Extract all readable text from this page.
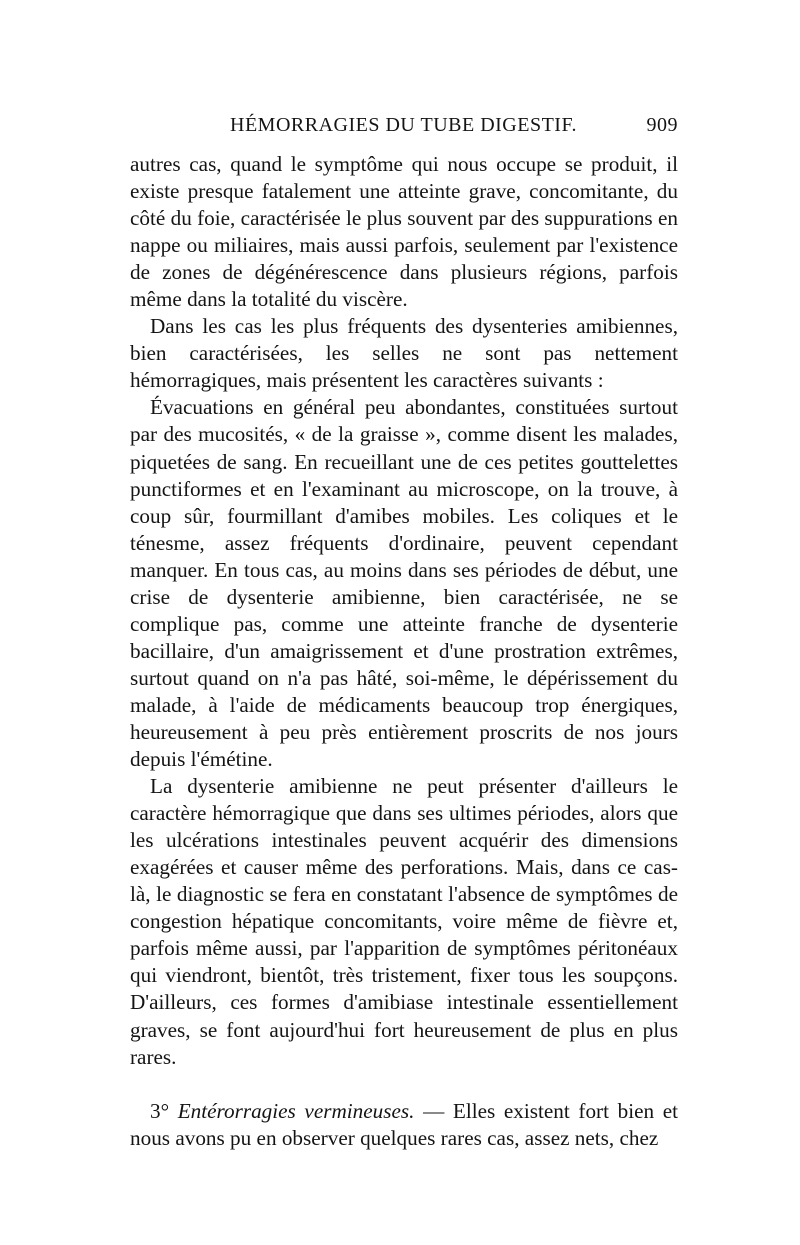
HÉMORRAGIES DU TUBE DIGESTIF.	909

autres cas, quand le symptôme qui nous occupe se produit, il existe presque fatalement une atteinte grave, concomitante, du côté du foie, caractérisée le plus souvent par des suppurations en nappe ou miliaires, mais aussi parfois, seulement par l'existence de zones de dégénérescence dans plusieurs régions, parfois même dans la totalité du viscère.

Dans les cas les plus fréquents des dysenteries amibiennes, bien caractérisées, les selles ne sont pas nettement hémorragiques, mais présentent les caractères suivants :

Évacuations en général peu abondantes, constituées surtout par des mucosités, « de la graisse », comme disent les malades, piquetées de sang. En recueillant une de ces petites gouttelettes punctiformes et en l'examinant au microscope, on la trouve, à coup sûr, fourmillant d'amibes mobiles. Les coliques et le ténesme, assez fréquents d'ordinaire, peuvent cependant manquer. En tous cas, au moins dans ses périodes de début, une crise de dysenterie amibienne, bien caractérisée, ne se complique pas, comme une atteinte franche de dysenterie bacillaire, d'un amaigrissement et d'une prostration extrêmes, surtout quand on n'a pas hâté, soi-même, le dépérissement du malade, à l'aide de médicaments beaucoup trop énergiques, heureusement à peu près entièrement proscrits de nos jours depuis l'émétine.

La dysenterie amibienne ne peut présenter d'ailleurs le caractère hémorragique que dans ses ultimes périodes, alors que les ulcérations intestinales peuvent acquérir des dimensions exagérées et causer même des perforations. Mais, dans ce cas-là, le diagnostic se fera en constatant l'absence de symptômes de congestion hépatique concomitants, voire même de fièvre et, parfois même aussi, par l'apparition de symptômes péritonéaux qui viendront, bientôt, très tristement, fixer tous les soupçons. D'ailleurs, ces formes d'amibiase intestinale essentiellement graves, se font aujourd'hui fort heureusement de plus en plus rares.

3° Entérorragies vermineuses. — Elles existent fort bien et nous avons pu en observer quelques rares cas, assez nets, chez
